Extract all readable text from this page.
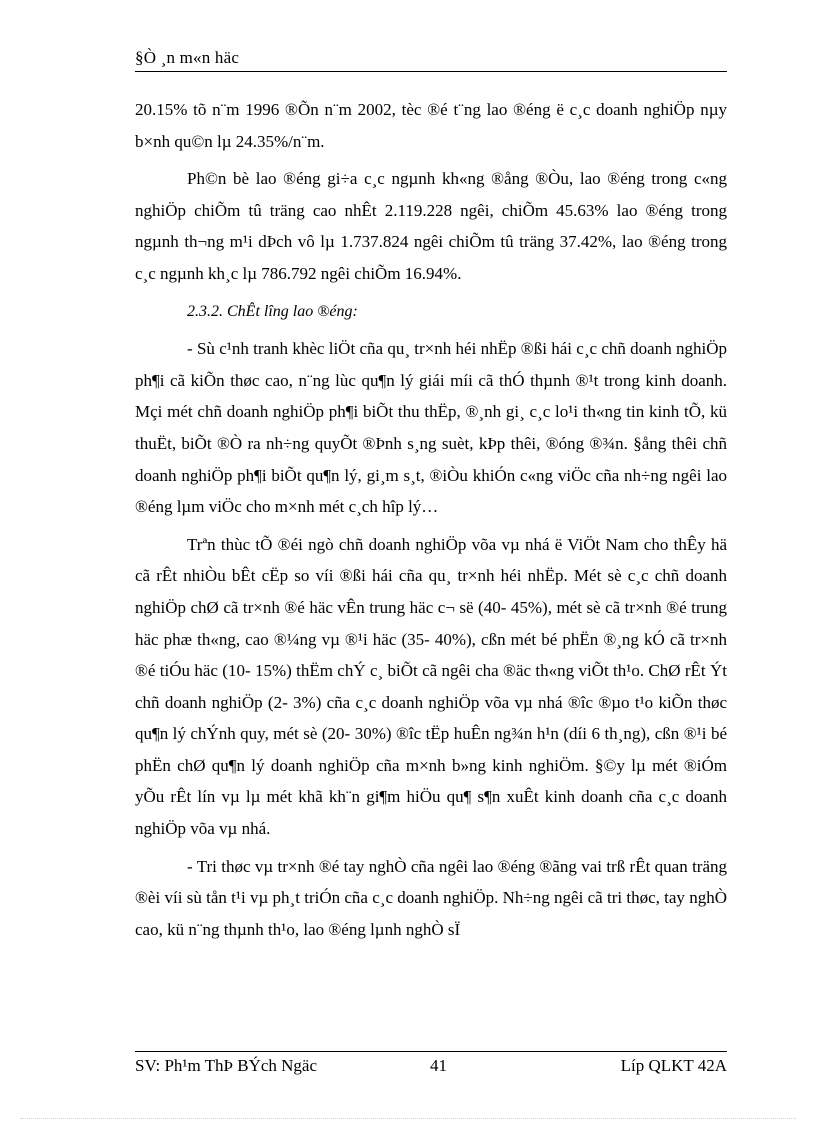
§Ò ¸n m«n häc

20.15% tõ n¨m 1996 ®Õn n¨m 2002, tèc ®é t¨ng lao ®éng ë c¸c doanh nghiÖp nµy b×nh qu©n lµ 24.35%/n¨m.

Ph©n bè lao ®éng gi÷a c¸c ngµnh kh«ng ®ång ®Òu, lao ®éng trong c«ng nghiÖp chiÕm tû träng cao nhÊt 2.119.228 ngêi, chiÕm 45.63% lao ®éng trong ngµnh th¬ng m¹i dÞch vô lµ 1.737.824 ngêi chiÕm tû träng 37.42%, lao ®éng trong c¸c ngµnh kh¸c lµ 786.792 ngêi chiÕm 16.94%.

2.3.2. ChÊt lîng lao ®éng:

- Sù c¹nh tranh khèc liÖt cña qu¸ tr×nh héi nhËp ®ßi hái c¸c chñ doanh nghiÖp ph¶i cã kiÕn thøc cao, n¨ng lùc qu¶n lý giái míi cã thÓ thµnh ®¹t trong kinh doanh. Mçi mét chñ doanh nghiÖp ph¶i biÕt thu thËp, ®¸nh gi¸ c¸c lo¹i th«ng tin kinh tÕ, kü thuËt, biÕt ®Ò ra nh÷ng quyÕt ®Þnh s¸ng suèt, kÞp thêi, ®óng ®¾n. §ång thêi chñ doanh nghiÖp ph¶i biÕt qu¶n lý, gi¸m s¸t, ®iÒu khiÓn c«ng viÖc cña nh÷ng ngêi lao ®éng lµm viÖc cho m×nh mét c¸ch hîp lý…

Trªn thùc tÕ ®éi ngò chñ doanh nghiÖp võa vµ nhá ë ViÖt Nam cho thÊy hä cã rÊt nhiÒu bÊt cËp so víi ®ßi hái cña qu¸ tr×nh héi nhËp. Mét sè c¸c chñ doanh nghiÖp chØ cã tr×nh ®é häc vÊn trung häc c¬ së (40- 45%), mét sè cã tr×nh ®é trung häc phæ th«ng, cao ®¼ng vµ ®¹i häc (35- 40%), cßn mét bé phËn ®¸ng kÓ cã tr×nh ®é tiÓu häc (10- 15%) thËm chÝ c¸ biÕt cã ngêi cha ®äc th«ng viÕt th¹o. ChØ rÊt Ýt chñ doanh nghiÖp (2- 3%) cña c¸c doanh nghiÖp võa vµ nhá ®îc ®µo t¹o kiÕn thøc qu¶n lý chÝnh quy, mét sè (20- 30%) ®îc tËp huÊn ng¾n h¹n (díi 6 th¸ng), cßn ®¹i bé phËn chØ qu¶n lý doanh nghiÖp cña m×nh b»ng kinh nghiÖm. §©y lµ mét ®iÓm yÕu rÊt lín vµ lµ mét khã kh¨n gi¶m hiÖu qu¶ s¶n xuÊt kinh doanh cña c¸c doanh nghiÖp võa vµ nhá.

- Tri thøc vµ tr×nh ®é tay nghÒ cña ngêi lao ®éng ®ãng vai trß rÊt quan träng ®èi víi sù tån t¹i vµ ph¸t triÓn cña c¸c doanh nghiÖp. Nh÷ng ngêi cã tri thøc, tay nghÒ cao, kü n¨ng thµnh th¹o, lao ®éng lµnh nghÒ sÏ

SV: Ph¹m ThÞ BÝch Ngäc	41	Líp QLKT 42A
